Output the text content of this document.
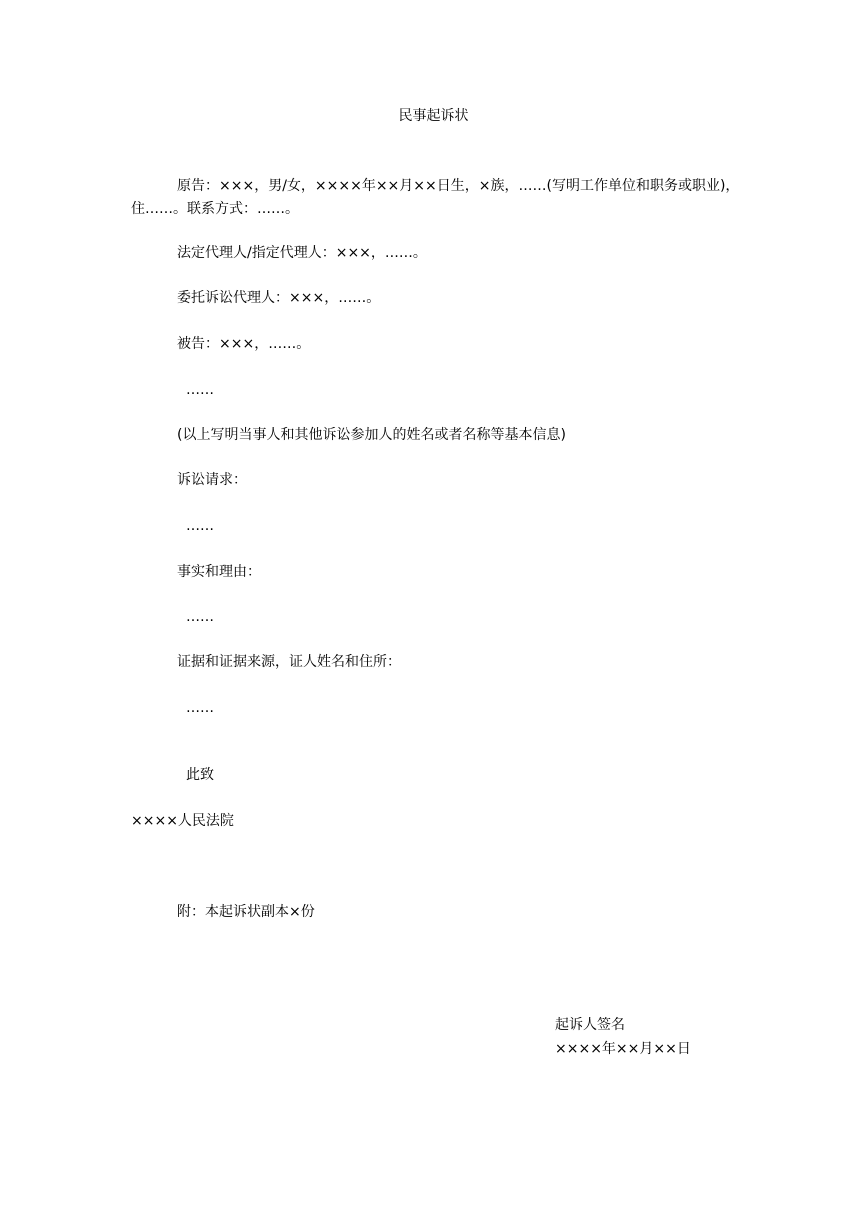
民事起诉状
原告：×××，男/女，××××年××月××日生，×族，……(写明工作单位和职务或职业)，住……。联系方式：……。
法定代理人/指定代理人：×××，……。
委托诉讼代理人：×××，……。
被告：×××，……。
……
(以上写明当事人和其他诉讼参加人的姓名或者名称等基本信息)
诉讼请求：
……
事实和理由：
……
证据和证据来源，证人姓名和住所：
……
此致
××××人民法院
附：本起诉状副本×份
起诉人签名
××××年××月××日
